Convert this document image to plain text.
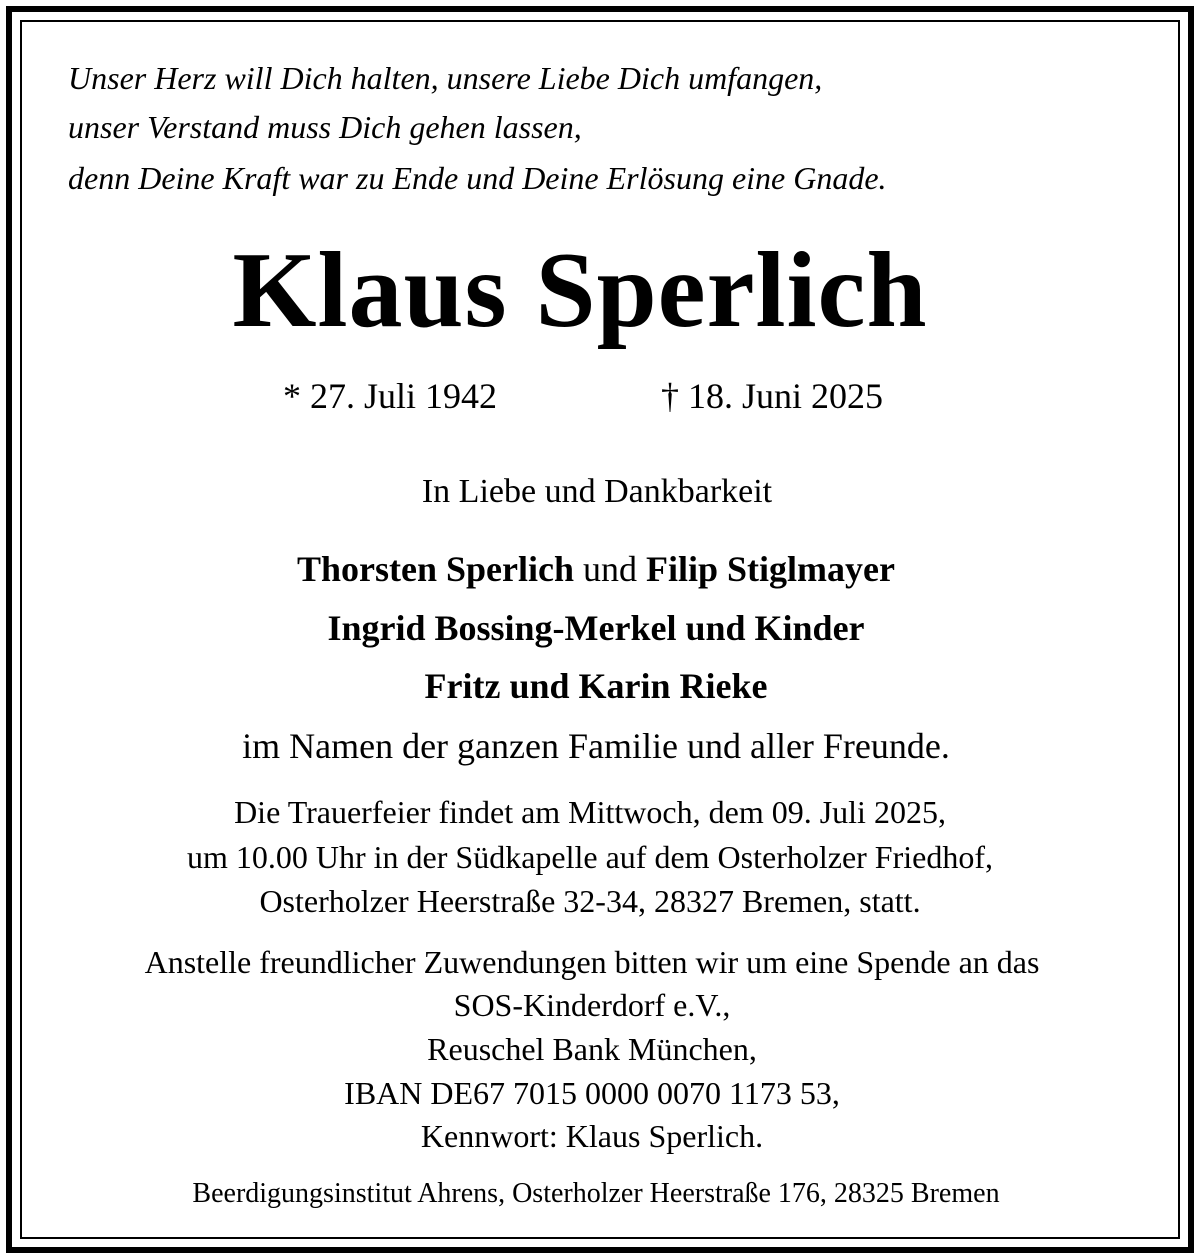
Unser Herz will Dich halten, unsere Liebe Dich umfangen,
unser Verstand muss Dich gehen lassen,
denn Deine Kraft war zu Ende und Deine Erlösung eine Gnade.
Klaus Sperlich
* 27. Juli 1942	† 18. Juni 2025
In Liebe und Dankbarkeit
Thorsten Sperlich und Filip Stiglmayer
Ingrid Bossing-Merkel und Kinder
Fritz und Karin Rieke
im Namen der ganzen Familie und aller Freunde.
Die Trauerfeier findet am Mittwoch, dem 09. Juli 2025,
um 10.00 Uhr in der Südkapelle auf dem Osterholzer Friedhof,
Osterholzer Heerstraße 32-34, 28327 Bremen, statt.
Anstelle freundlicher Zuwendungen bitten wir um eine Spende an das
SOS-Kinderdorf e.V.,
Reuschel Bank München,
IBAN DE67 7015 0000 0070 1173 53,
Kennwort: Klaus Sperlich.
Beerdigungsinstitut Ahrens, Osterholzer Heerstraße 176, 28325 Bremen
